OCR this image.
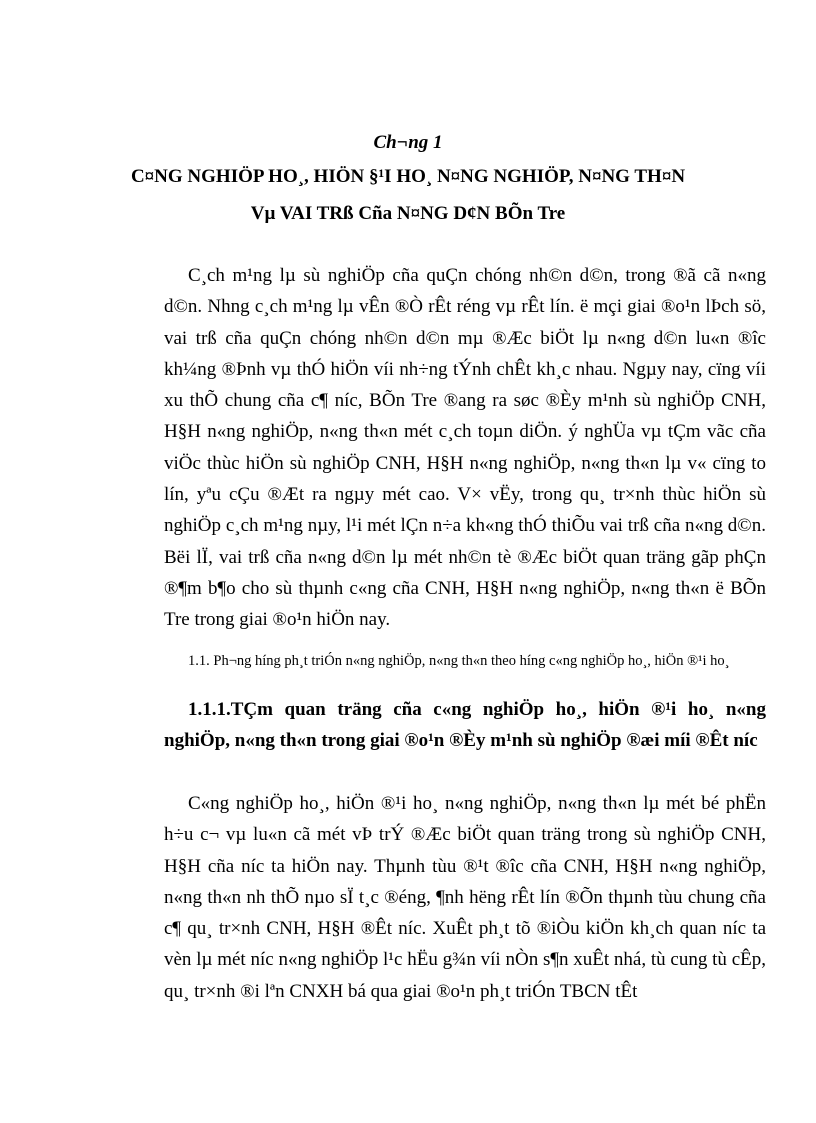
Ch¬ng 1
C¤NG NGHIÖP HO¸, HIÖN §¹I HO¸ N¤NG NGHIÖP, N¤NG TH¤N
Vµ VAI TRß Cña N¤NG D¢N BÕn Tre

C¸ch m¹ng lµ sù nghiÖp cña quÇn chóng nh©n d©n, trong ®ã cã n«ng d©n. Nhng c¸ch m¹ng lµ vÊn ®Ò rÊt réng vµ rÊt lín. ë mçi giai ®o¹n lÞch sö, vai trß cña quÇn chóng nh©n d©n mµ ®Æc biÖt lµ n«ng d©n lu«n ®îc kh¼ng ®Þnh vµ thÓ hiÖn víi nh÷ng tÝnh chÊt kh¸c nhau. Ngµy nay, cïng víi xu thÕ chung cña c¶ níc, BÕn Tre ®ang ra søc ®Èy m¹nh sù nghiÖp CNH, H§H n«ng nghiÖp, n«ng th«n mét c¸ch toµn diÖn. ý nghÜa vµ tÇm vãc cña viÖc thùc hiÖn sù nghiÖp CNH, H§H n«ng nghiÖp, n«ng th«n lµ v« cïng to lín, yªu cÇu ®Æt ra ngµy mét cao. V× vËy, trong qu¸ tr×nh thùc hiÖn sù nghiÖp c¸ch m¹ng nµy, l¹i mét lÇn n÷a kh«ng thÓ thiÕu vai trß cña n«ng d©n. Bëi lÏ, vai trß cña n«ng d©n lµ mét nh©n tè ®Æc biÖt quan träng gãp phÇn ®¶m b¶o cho sù thµnh c«ng cña CNH, H§H n«ng nghiÖp, n«ng th«n ë BÕn Tre trong giai ®o¹n hiÖn nay.

1.1. Ph¬ng híng ph¸t triÓn n«ng nghiÖp, n«ng th«n theo híng c«ng nghiÖp ho¸, hiÖn ®¹i ho¸

1.1.1.TÇm quan träng cña c«ng nghiÖp ho¸, hiÖn ®¹i ho¸ n«ng nghiÖp, n«ng th«n trong giai ®o¹n ®Èy m¹nh sù nghiÖp ®æi míi ®Êt níc

C«ng nghiÖp ho¸, hiÖn ®¹i ho¸ n«ng nghiÖp, n«ng th«n lµ mét bé phËn h÷u c¬ vµ lu«n cã mét vÞ trÝ ®Æc biÖt quan träng trong sù nghiÖp CNH, H§H cña níc ta hiÖn nay. Thµnh tùu ®¹t ®îc cña CNH, H§H n«ng nghiÖp, n«ng th«n nh thÕ nµo sÏ t¸c ®éng, ¶nh hëng rÊt lín ®Õn thµnh tùu chung cña c¶ qu¸ tr×nh CNH, H§H ®Êt níc. XuÊt ph¸t tõ ®iÒu kiÖn kh¸ch quan níc ta vèn lµ mét níc n«ng nghiÖp l¹c hËu g¾n víi nÒn s¶n xuÊt nhá, tù cung tù cÊp, qu¸ tr×nh ®i lªn CNXH bá qua giai ®o¹n ph¸t triÓn TBCN tÊt
